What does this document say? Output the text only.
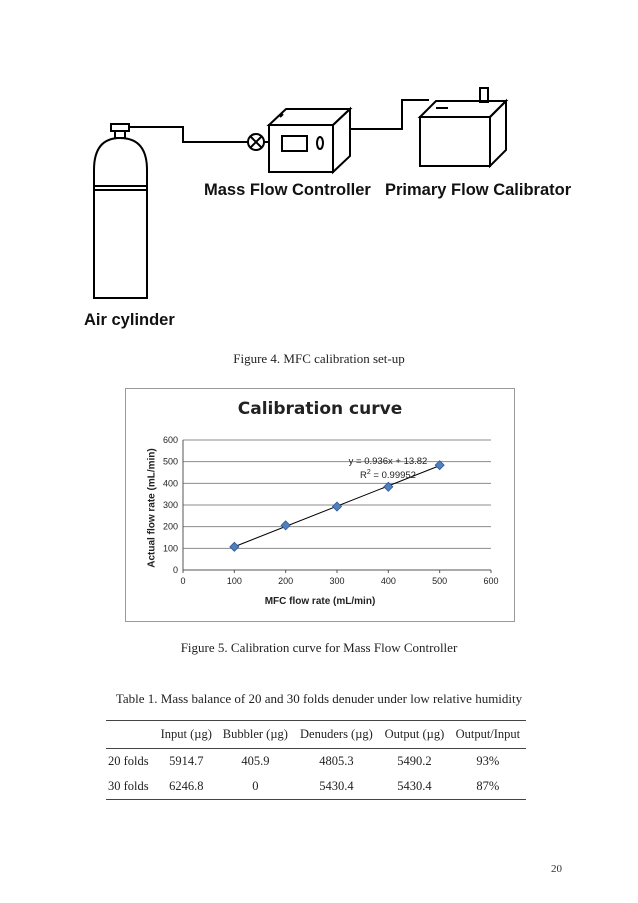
Mass Flow Controller Primary Flow Calibrator
Air cylinder
Figure 4. MFC calibration set-up
Calibration curve
MFC flow rate (mL/min)
Actual flow rate (mL/min)
0
100
200
300
400
500
600
0	100	200	300	400	500	600
y = 0.936x + 13.82
$R^2 = 0.99952$
Figure 5. Calibration curve for Mass Flow Controller
Table 1. Mass balance of 20 and 30 folds denuder under low relative humidity
	Input (µg)	Bubbler (µg)	Denuders (µg)	Output (µg)	Output/Input
20 folds	5914.7	405.9	4805.3	5490.2	93%
30 folds	6246.8	0	5430.4	5430.4	87%
20
